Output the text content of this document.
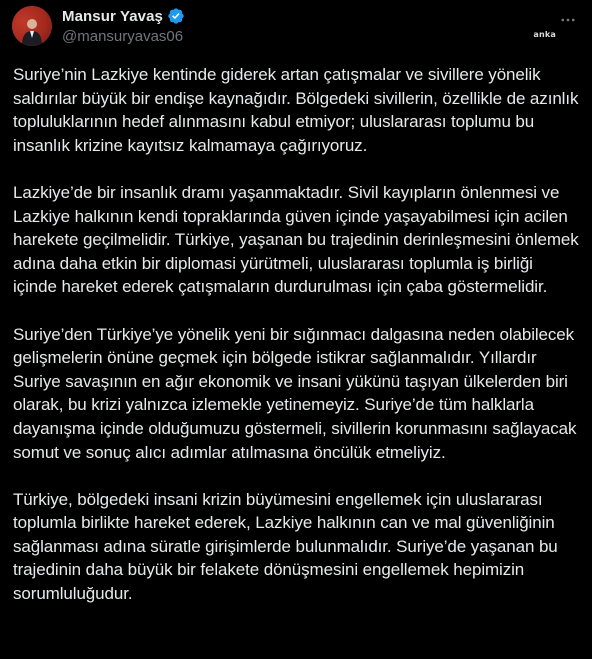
Mansur Yavaş
@mansuryavas06	anka

Suriye’nin Lazkiye kentinde giderek artan çatışmalar ve sivillere yönelik saldırılar büyük bir endişe kaynağıdır. Bölgedeki sivillerin, özellikle de azınlık topluluklarının hedef alınmasını kabul etmiyor; uluslararası toplumu bu insanlık krizine kayıtsız kalmamaya çağırıyoruz.

Lazkiye’de bir insanlık dramı yaşanmaktadır. Sivil kayıpların önlenmesi ve Lazkiye halkının kendi topraklarında güven içinde yaşayabilmesi için acilen harekete geçilmelidir. Türkiye, yaşanan bu trajedinin derinleşmesini önlemek adına daha etkin bir diplomasi yürütmeli, uluslararası toplumla iş birliği içinde hareket ederek çatışmaların durdurulması için çaba göstermelidir.

Suriye’den Türkiye’ye yönelik yeni bir sığınmacı dalgasına neden olabilecek gelişmelerin önüne geçmek için bölgede istikrar sağlanmalıdır. Yıllardır Suriye savaşının en ağır ekonomik ve insani yükünü taşıyan ülkelerden biri olarak, bu krizi yalnızca izlemekle yetinemeyiz. Suriye’de tüm halklarla dayanışma içinde olduğumuzu göstermeli, sivillerin korunmasını sağlayacak somut ve sonuç alıcı adımlar atılmasına öncülük etmeliyiz.

Türkiye, bölgedeki insani krizin büyümesini engellemek için uluslararası toplumla birlikte hareket ederek, Lazkiye halkının can ve mal güvenliğinin sağlanması adına süratle girişimlerde bulunmalıdır. Suriye’de yaşanan bu trajedinin daha büyük bir felakete dönüşmesini engellemek hepimizin sorumluluğudur.
